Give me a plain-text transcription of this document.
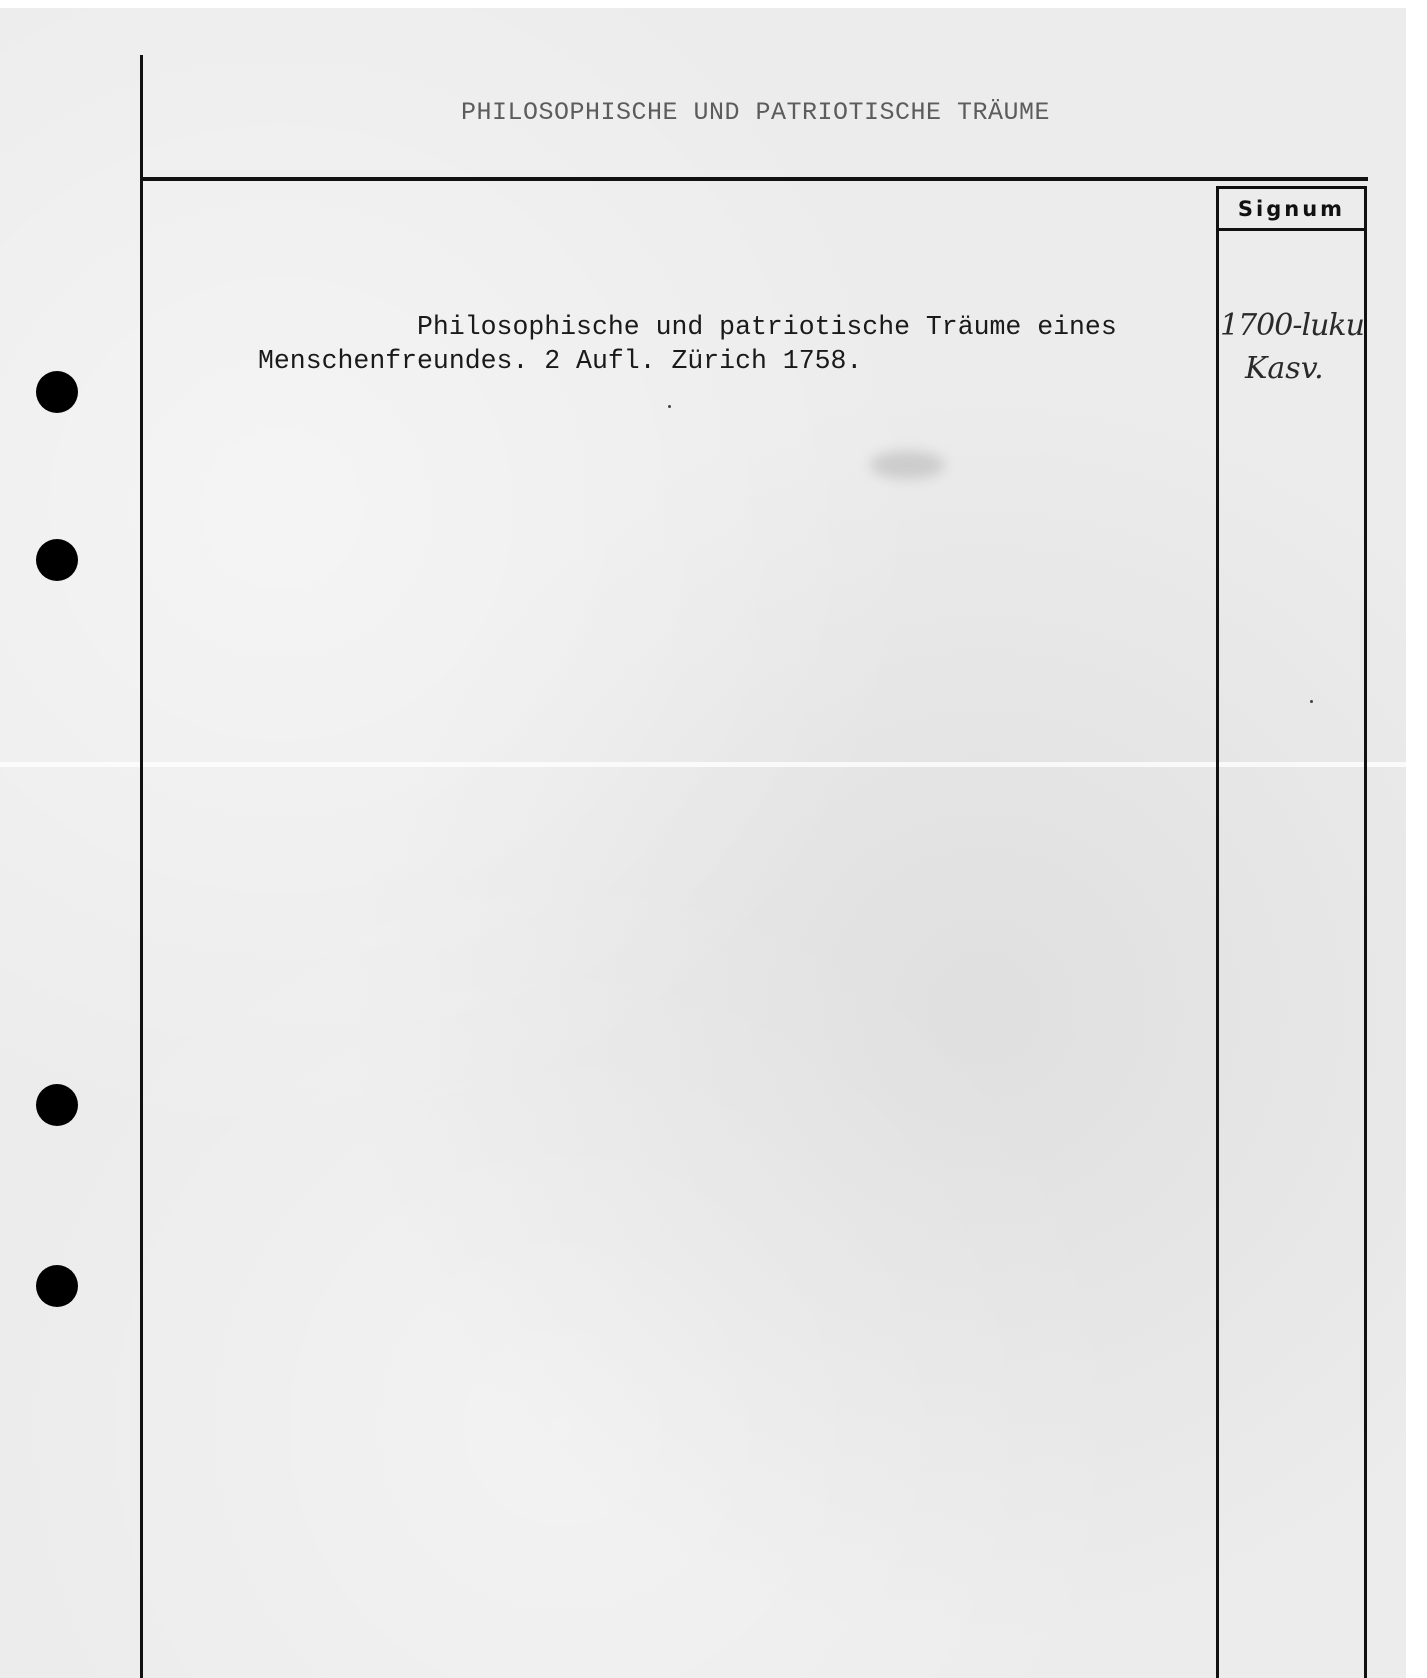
PHILOSOPHISCHE UND PATRIOTISCHE TRÄUME
Signum
1700-luku
Kasv.
Philosophische und patriotische Träume eines
Menschenfreundes. 2 Aufl. Zürich 1758.
